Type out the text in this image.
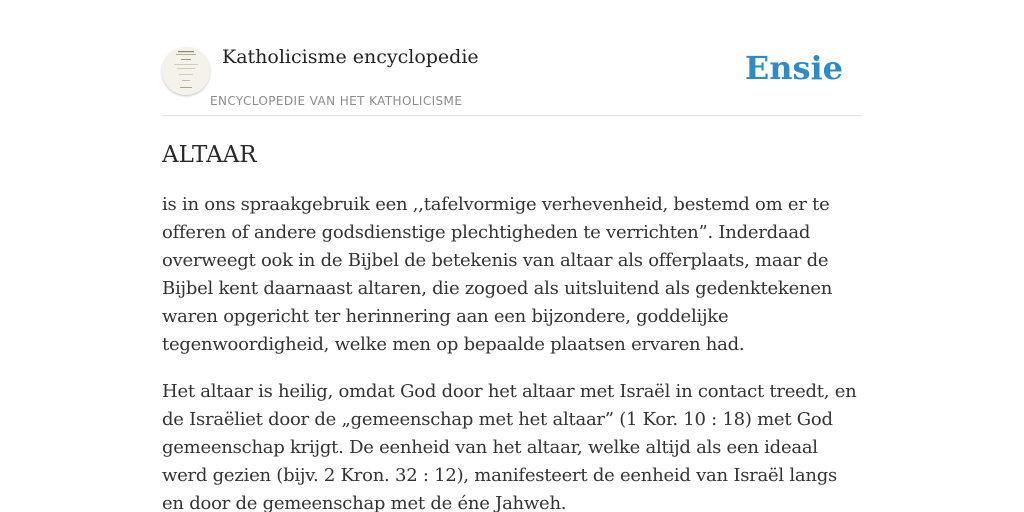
Katholicisme encyclopedie
ENCYCLOPEDIE VAN HET KATHOLICISME
Ensie
ALTAAR

is in ons spraakgebruik een ,,tafelvormige verhevenheid, bestemd om er te offeren of andere godsdienstige plechtigheden te verrichten”. Inderdaad overweegt ook in de Bijbel de betekenis van altaar als offerplaats, maar de Bijbel kent daarnaast altaren, die zogoed als uitsluitend als gedenktekenen waren opgericht ter herinnering aan een bijzondere, goddelijke tegenwoordigheid, welke men op bepaalde plaatsen ervaren had.

Het altaar is heilig, omdat God door het altaar met Israël in contact treedt, en de Israëliet door de „gemeenschap met het altaar” (1 Kor. 10 : 18) met God gemeenschap krijgt. De eenheid van het altaar, welke altijd als een ideaal werd gezien (bijv. 2 Kron. 32 : 12), manifesteert de eenheid van Israël langs en door de gemeenschap met de éne Jahweh.
